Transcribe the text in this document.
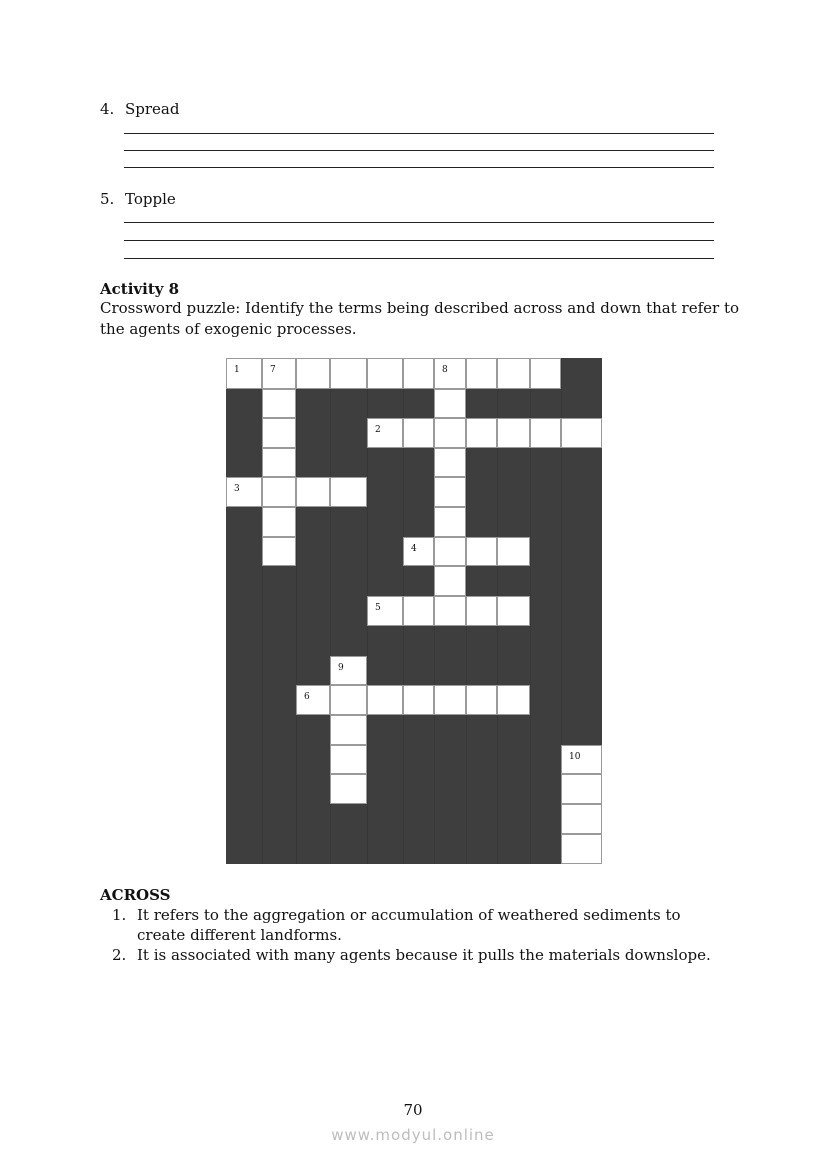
4. Spread
5. Topple
Activity 8
Crossword puzzle: Identify the terms being described across and down that refer to the agents of exogenic processes.
1	7	8
2
3
4
5
9
6
10
ACROSS
1. It refers to the aggregation or accumulation of weathered sediments to create different landforms.
2. It is associated with many agents because it pulls the materials downslope.
70
www.modyul.online
